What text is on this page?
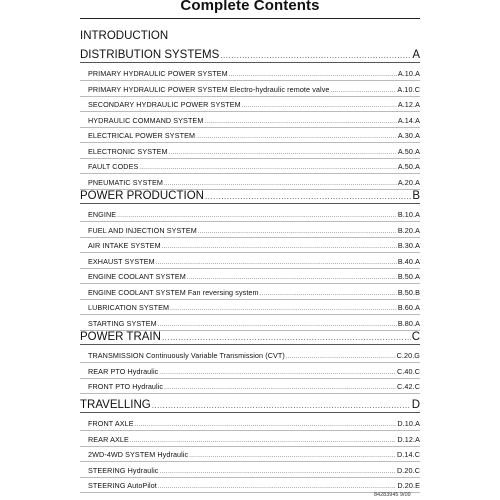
Complete Contents
INTRODUCTION
DISTRIBUTION SYSTEMS .....	A
PRIMARY HYDRAULIC POWER SYSTEM .....	A.10.A
PRIMARY HYDRAULIC POWER SYSTEM Electro-hydraulic remote valve .....	A.10.C
SECONDARY HYDRAULIC POWER SYSTEM .....	A.12.A
HYDRAULIC COMMAND SYSTEM .....	A.14.A
ELECTRICAL POWER SYSTEM .....	A.30.A
ELECTRONIC SYSTEM .....	A.50.A
FAULT CODES .....	A.50.A
PNEUMATIC SYSTEM .....	A.20.A
POWER PRODUCTION .....	B
ENGINE .....	B.10.A
FUEL AND INJECTION SYSTEM .....	B.20.A
AIR INTAKE SYSTEM .....	B.30.A
EXHAUST SYSTEM .....	B.40.A
ENGINE COOLANT SYSTEM .....	B.50.A
ENGINE COOLANT SYSTEM Fan reversing system .....	B.50.B
LUBRICATION SYSTEM .....	B.60.A
STARTING SYSTEM .....	B.80.A
POWER TRAIN .....	C
TRANSMISSION Continuously Variable Transmission (CVT) .....	C.20.G
REAR PTO Hydraulic .....	C.40.C
FRONT PTO Hydraulic .....	C.42.C
TRAVELLING .....	D
FRONT AXLE .....	D.10.A
REAR AXLE .....	D.12.A
2WD-4WD SYSTEM Hydraulic .....	D.14.C
STEERING Hydraulic .....	D.20.C
STEERING AutoPilot .....	D.20.E
84283945 9/09
